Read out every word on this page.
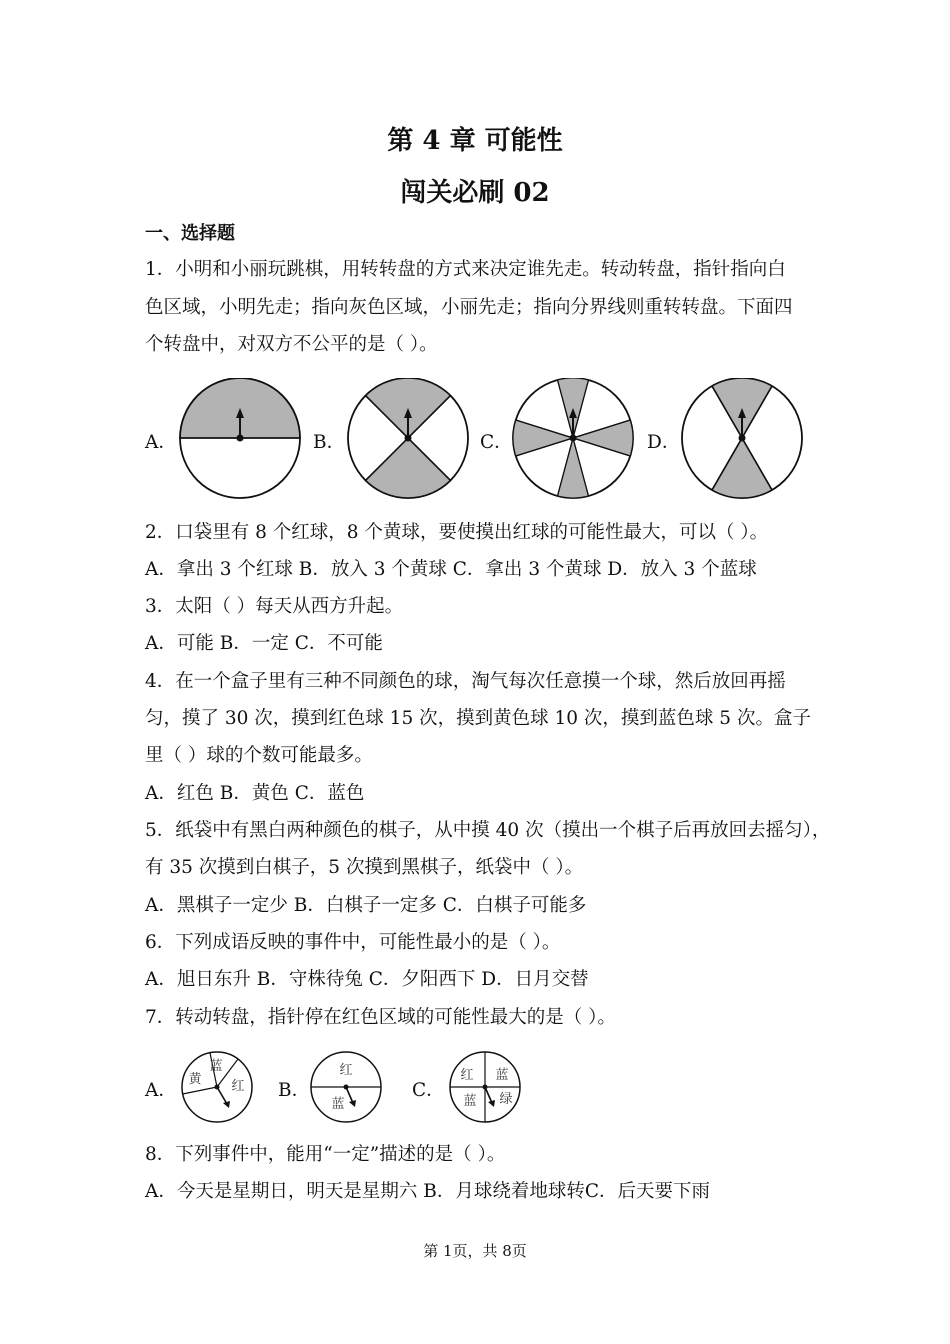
第 4 章 可能性
闯关必刷 02
一、选择题
1．小明和小丽玩跳棋，用转转盘的方式来决定谁先走。转动转盘，指针指向白
色区域，小明先走；指向灰色区域，小丽先走；指向分界线则重转转盘。下面四
个转盘中，对双方不公平的是（ ）。
A．	B．	C．	D．
2．口袋里有 8 个红球，8 个黄球，要使摸出红球的可能性最大，可以（ ）。
A．拿出 3 个红球 B．放入 3 个黄球 C．拿出 3 个黄球 D．放入 3 个蓝球
3．太阳（ ）每天从西方升起。
A．可能 B．一定 C．不可能
4．在一个盒子里有三种不同颜色的球，淘气每次任意摸一个球，然后放回再摇
匀，摸了 30 次，摸到红色球 15 次，摸到黄色球 10 次，摸到蓝色球 5 次。盒子
里（ ）球的个数可能最多。
A．红色 B．黄色 C．蓝色
5．纸袋中有黑白两种颜色的棋子，从中摸 40 次（摸出一个棋子后再放回去摇匀），
有 35 次摸到白棋子，5 次摸到黑棋子，纸袋中（ ）。
A．黑棋子一定少 B．白棋子一定多 C．白棋子可能多
6．下列成语反映的事件中，可能性最小的是（ ）。
A．旭日东升 B．守株待兔 C．夕阳西下 D．日月交替
7．转动转盘，指针停在红色区域的可能性最大的是（ ）。
A．
蓝
黄 红 B．
红
蓝
C．
红 蓝
蓝 绿
8．下列事件中，能用“一定”描述的是（ ）。
A．今天是星期日，明天是星期六 B．月球绕着地球转C．后天要下雨
第 1页，共 8页
